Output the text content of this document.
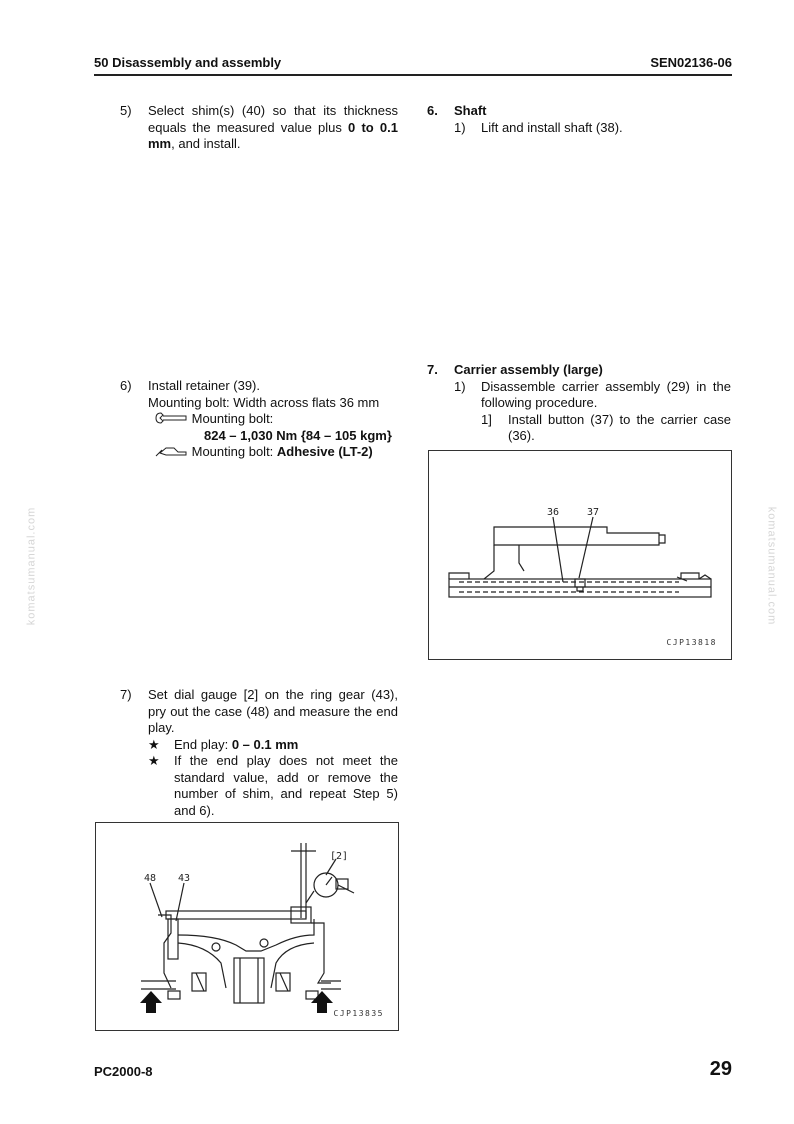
50 Disassembly and assembly	SEN02136-06
komatsumanual.com	komatsumanual.com
5) Select shim(s) (40) so that its thickness
equals the measured value plus 0 to 0.1
mm, and install.
6) Install retainer (39).
Mounting bolt: Width across flats 36 mm
Mounting bolt:
824 – 1,030 Nm {84 – 105 kgm}
Mounting bolt: Adhesive (LT-2)
7) Set dial gauge [2] on the ring gear (43),
pry out the case (48) and measure the end
play.
★ End play: 0 – 0.1 mm
★ If the end play does not meet the
standard value, add or remove the
number of shim, and repeat Step 5)
and 6).
48 43
[2]
CJP13835
6. Shaft
1) Lift and install shaft (38).
7. Carrier assembly (large)
1) Disassemble carrier assembly (29) in the
following procedure.
1] Install button (37) to the carrier case
(36).
36	37
CJP13818
PC2000-8	29
